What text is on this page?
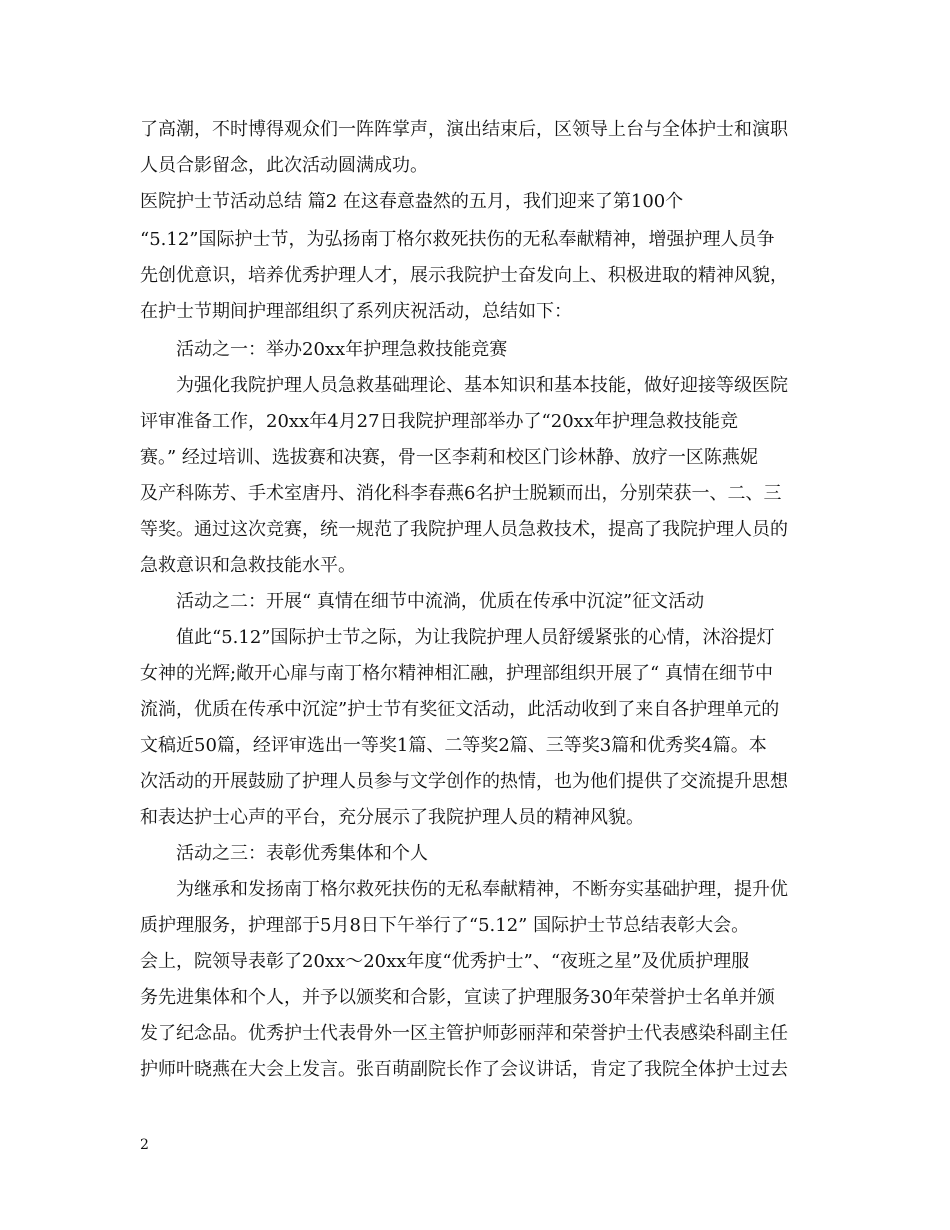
了高潮，不时博得观众们一阵阵掌声，演出结束后，区领导上台与全体护士和演职
人员合影留念，此次活动圆满成功。
医院护士节活动总结 篇2 在这春意盎然的五月，我们迎来了第100个
“5.12”国际护士节，为弘扬南丁格尔救死扶伤的无私奉献精神，增强护理人员争
先创优意识，培养优秀护理人才，展示我院护士奋发向上、积极进取的精神风貌，
在护士节期间护理部组织了系列庆祝活动，总结如下：
活动之一：举办20xx年护理急救技能竞赛
为强化我院护理人员急救基础理论、基本知识和基本技能，做好迎接等级医院
评审准备工作，20xx年4月27日我院护理部举办了“20xx年护理急救技能竞
赛。” 经过培训、选拔赛和决赛，骨一区李莉和校区门诊林静、放疗一区陈燕妮
及产科陈芳、手术室唐丹、消化科李春燕6名护士脱颖而出，分别荣获一、二、三
等奖。通过这次竞赛，统一规范了我院护理人员急救技术，提高了我院护理人员的
急救意识和急救技能水平。
活动之二：开展“ 真情在细节中流淌，优质在传承中沉淀”征文活动
值此“5.12”国际护士节之际，为让我院护理人员舒缓紧张的心情，沐浴提灯
女神的光辉;敞开心扉与南丁格尔精神相汇融，护理部组织开展了“ 真情在细节中
流淌，优质在传承中沉淀”护士节有奖征文活动，此活动收到了来自各护理单元的
文稿近50篇，经评审选出一等奖1篇、二等奖2篇、三等奖3篇和优秀奖4篇。本
次活动的开展鼓励了护理人员参与文学创作的热情，也为他们提供了交流提升思想
和表达护士心声的平台，充分展示了我院护理人员的精神风貌。
活动之三：表彰优秀集体和个人
为继承和发扬南丁格尔救死扶伤的无私奉献精神，不断夯实基础护理，提升优
质护理服务，护理部于5月8日下午举行了“5.12” 国际护士节总结表彰大会。
会上，院领导表彰了20xx～20xx年度“优秀护士”、“夜班之星”及优质护理服
务先进集体和个人，并予以颁奖和合影，宣读了护理服务30年荣誉护士名单并颁
发了纪念品。优秀护士代表骨外一区主管护师彭丽萍和荣誉护士代表感染科副主任
护师叶晓燕在大会上发言。张百萌副院长作了会议讲话，肯定了我院全体护士过去
2
